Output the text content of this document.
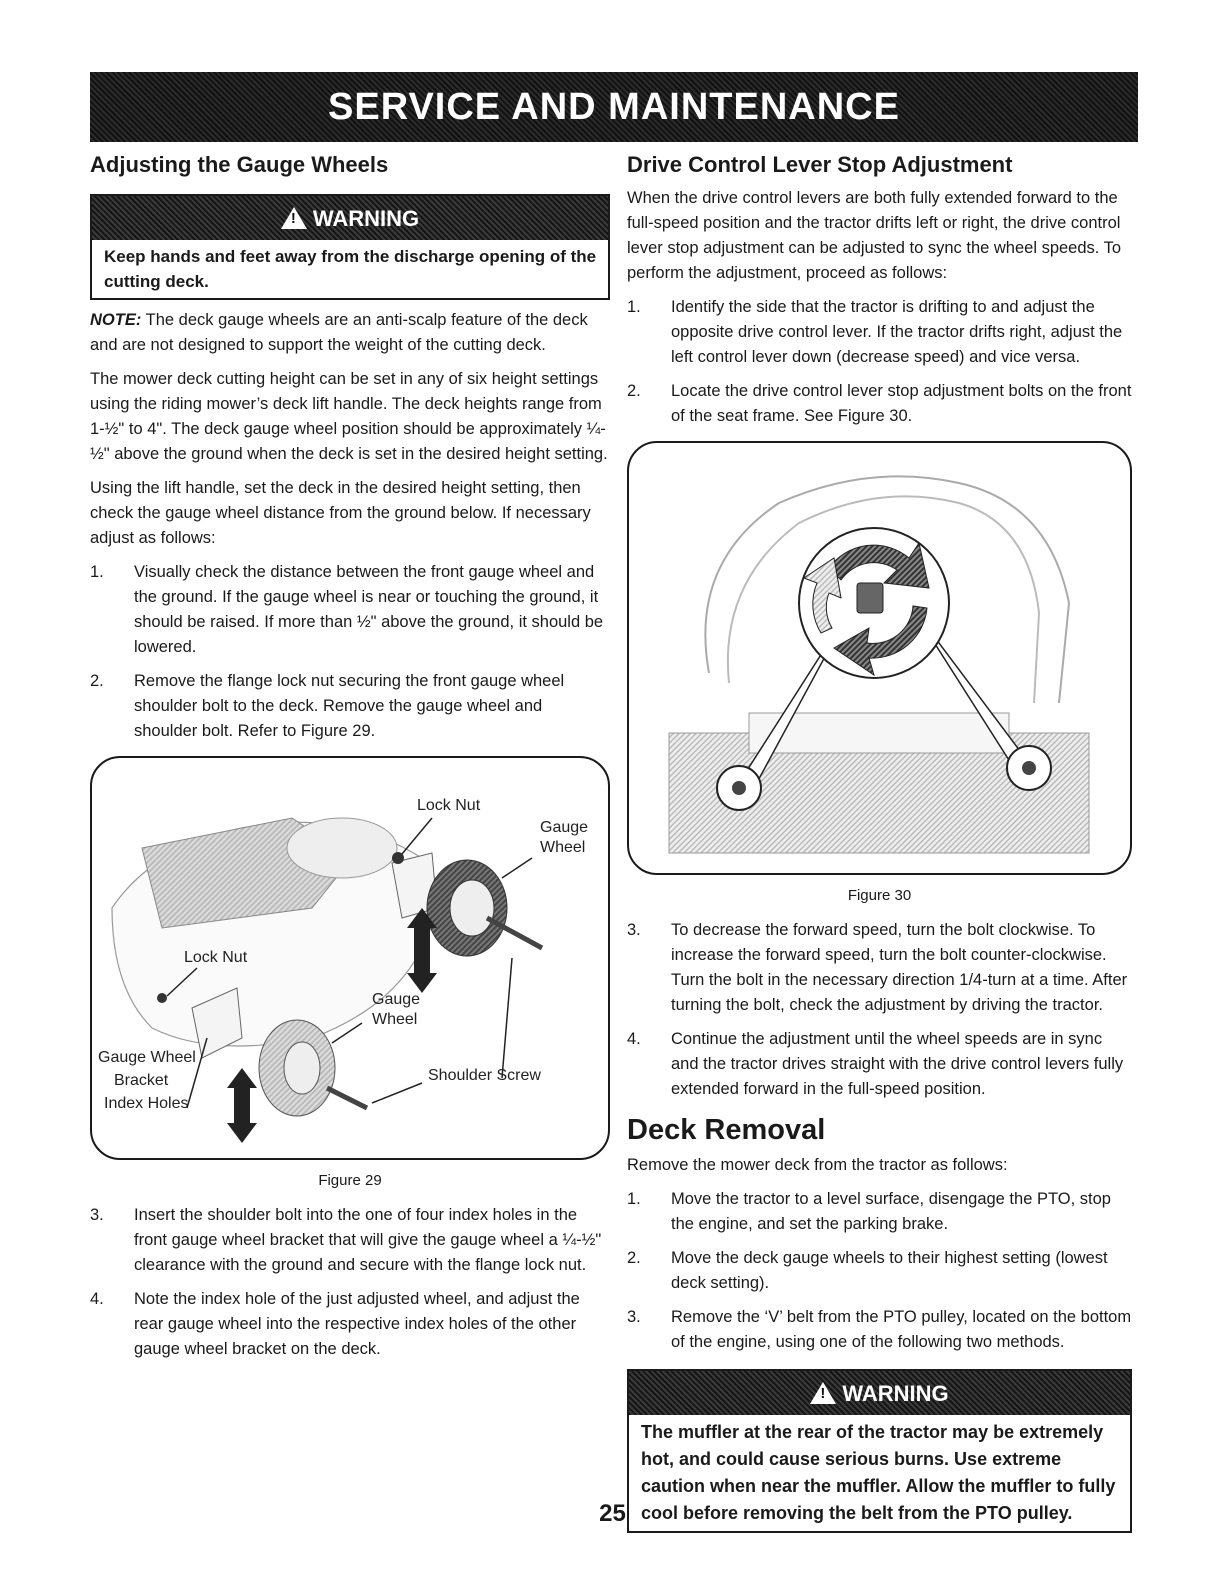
SERVICE AND MAINTENANCE
Adjusting the Gauge Wheels
!
WARNING
Keep hands and feet away from the discharge opening of the cutting deck.

NOTE: The deck gauge wheels are an anti-scalp feature of the deck and are not designed to support the weight of the cutting deck.

The mower deck cutting height can be set in any of six height settings using the riding mower’s deck lift handle. The deck heights range from 1-½" to 4". The deck gauge wheel position should be approximately ¼-½" above the ground when the deck is set in the desired height setting.

Using the lift handle, set the deck in the desired height setting, then check the gauge wheel distance from the ground below. If necessary adjust as follows:

1. Visually check the distance between the front gauge wheel and the ground. If the gauge wheel is near or touching the ground, it should be raised. If more than ½" above the ground, it should be lowered.
2. Remove the flange lock nut securing the front gauge wheel shoulder bolt to the deck. Remove the gauge wheel and shoulder bolt. Refer to Figure 29.
Lock Nut
Gauge
Wheel
Lock Nut
Gauge
Wheel
Gauge Wheel
Bracket
Index Holes
Shoulder Screw
Figure 29
3. Insert the shoulder bolt into the one of four index holes in the front gauge wheel bracket that will give the gauge wheel a ¼-½" clearance with the ground and secure with the flange lock nut.
4. Note the index hole of the just adjusted wheel, and adjust the rear gauge wheel into the respective index holes of the other gauge wheel bracket on the deck.
Drive Control Lever Stop Adjustment

When the drive control levers are both fully extended forward to the full-speed position and the tractor drifts left or right, the drive control lever stop adjustment can be adjusted to sync the wheel speeds. To perform the adjustment, proceed as follows:

1. Identify the side that the tractor is drifting to and adjust the opposite drive control lever. If the tractor drifts right, adjust the left control lever down (decrease speed) and vice versa.
2. Locate the drive control lever stop adjustment bolts on the front of the seat frame. See Figure 30.
Figure 30
3. To decrease the forward speed, turn the bolt clockwise. To increase the forward speed, turn the bolt counter-clockwise. Turn the bolt in the necessary direction 1/4-turn at a time. After turning the bolt, check the adjustment by driving the tractor.
4. Continue the adjustment until the wheel speeds are in sync and the tractor drives straight with the drive control levers fully extended forward in the full-speed position.
Deck Removal

Remove the mower deck from the tractor as follows:

1. Move the tractor to a level surface, disengage the PTO, stop the engine, and set the parking brake.
2. Move the deck gauge wheels to their highest setting (lowest deck setting).
3. Remove the ‘V’ belt from the PTO pulley, located on the bottom of the engine, using one of the following two methods.
!
WARNING
The muffler at the rear of the tractor may be extremely hot, and could cause serious burns. Use extreme caution when near the muffler. Allow the muffler to fully cool before removing the belt from the PTO pulley.
25
